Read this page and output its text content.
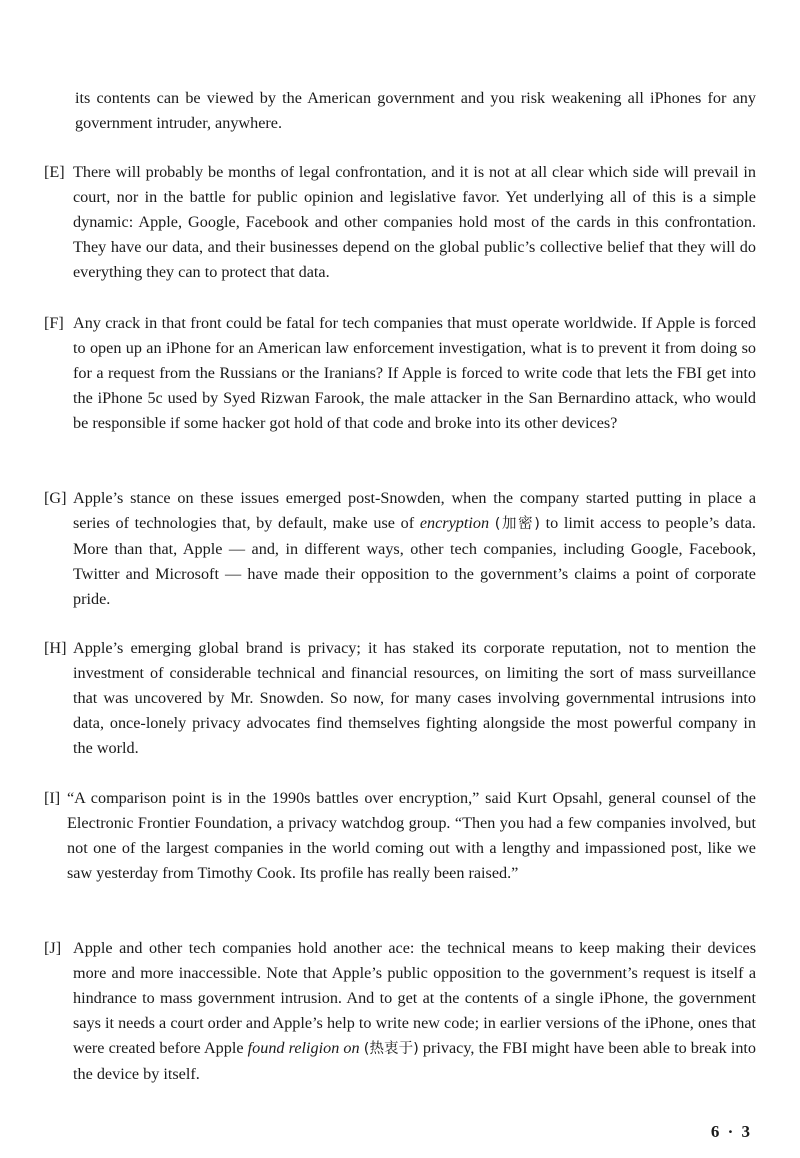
its contents can be viewed by the American government and you risk weakening all iPhones for any government intruder, anywhere.

[E] There will probably be months of legal confrontation, and it is not at all clear which side will prevail in court, nor in the battle for public opinion and legislative favor. Yet underlying all of this is a simple dynamic: Apple, Google, Facebook and other companies hold most of the cards in this confrontation. They have our data, and their businesses depend on the global public’s collective belief that they will do everything they can to protect that data.

[F] Any crack in that front could be fatal for tech companies that must operate worldwide. If Apple is forced to open up an iPhone for an American law enforcement investigation, what is to prevent it from doing so for a request from the Russians or the Iranians? If Apple is forced to write code that lets the FBI get into the iPhone 5c used by Syed Rizwan Farook, the male attacker in the San Bernardino attack, who would be responsible if some hacker got hold of that code and broke into its other devices?

[G] Apple’s stance on these issues emerged post-Snowden, when the company started putting in place a series of technologies that, by default, make use of encryption (加密) to limit access to people’s data. More than that, Apple — and, in different ways, other tech companies, including Google, Facebook, Twitter and Microsoft — have made their opposition to the government’s claims a point of corporate pride.

[H] Apple’s emerging global brand is privacy; it has staked its corporate reputation, not to mention the investment of considerable technical and financial resources, on limiting the sort of mass surveillance that was uncovered by Mr. Snowden. So now, for many cases involving governmental intrusions into data, once-lonely privacy advocates find themselves fighting alongside the most powerful company in the world.

[I] “A comparison point is in the 1990s battles over encryption,” said Kurt Opsahl, general counsel of the Electronic Frontier Foundation, a privacy watchdog group. “Then you had a few companies involved, but not one of the largest companies in the world coming out with a lengthy and impassioned post, like we saw yesterday from Timothy Cook. Its profile has really been raised.”

[J] Apple and other tech companies hold another ace: the technical means to keep making their devices more and more inaccessible. Note that Apple’s public opposition to the government’s request is itself a hindrance to mass government intrusion. And to get at the contents of a single iPhone, the government says it needs a court order and Apple’s help to write new code; in earlier versions of the iPhone, ones that were created before Apple found religion on (热衷于) privacy, the FBI might have been able to break into the device by itself.

6 · 3
